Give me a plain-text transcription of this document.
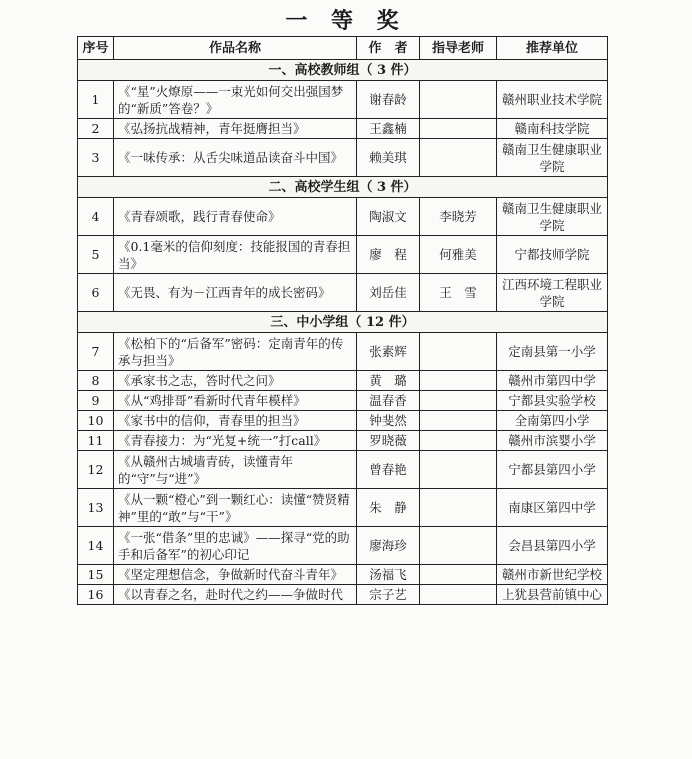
一 等 奖
序号	作品名称	作　者	指导老师	推荐单位
一、高校教师组（ 3 件）				
1	《“星”火燎原——一束光如何交出强国梦的“新质”答卷？》	谢春龄		赣州职业技术学院
2	《弘扬抗战精神，青年挺膺担当》	王鑫楠		赣南科技学院
3	《一味传承：从舌尖味道品读奋斗中国》	赖美琪		赣南卫生健康职业学院
二、高校学生组（ 3 件）				
4	《青春颂歌，践行青春使命》	陶淑文	李晓芳	赣南卫生健康职业学院
5	《0.1毫米的信仰刻度：技能报国的青春担当》	廖　程	何雅美	宁都技师学院
6	《无畏、有为－江西青年的成长密码》	刘岳佳	王　雪	江西环境工程职业学院
三、中小学组（ 12 件）				
7	《松柏下的“后备军”密码：定南青年的传承与担当》	张素辉		定南县第一小学
8	《承家书之志，答时代之问》	黄　璐		赣州市第四中学
9	《从“鸡排哥”看新时代青年模样》	温春香		宁都县实验学校
10	《家书中的信仰，青春里的担当》	钟斐然		全南第四小学
11	《青春接力：为“光复+统一”打call》	罗晓薇		赣州市滨婴小学
12	《从赣州古城墙青砖，读懂青年的“守”与“进”》	曾春艳		宁都县第四小学
13	《从一颗“橙心”到一颗红心：读懂“赞贤精神”里的“敢”与“干”》	朱　静		南康区第四中学
14	《一张“借条”里的忠诚》——探寻“党的助手和后备军”的初心印记	廖海珍		会昌县第四小学
15	《坚定理想信念，争做新时代奋斗青年》	汤福飞		赣州市新世纪学校
16	《以青春之名，赴时代之约——争做时代	宗子艺		上犹县营前镇中心
